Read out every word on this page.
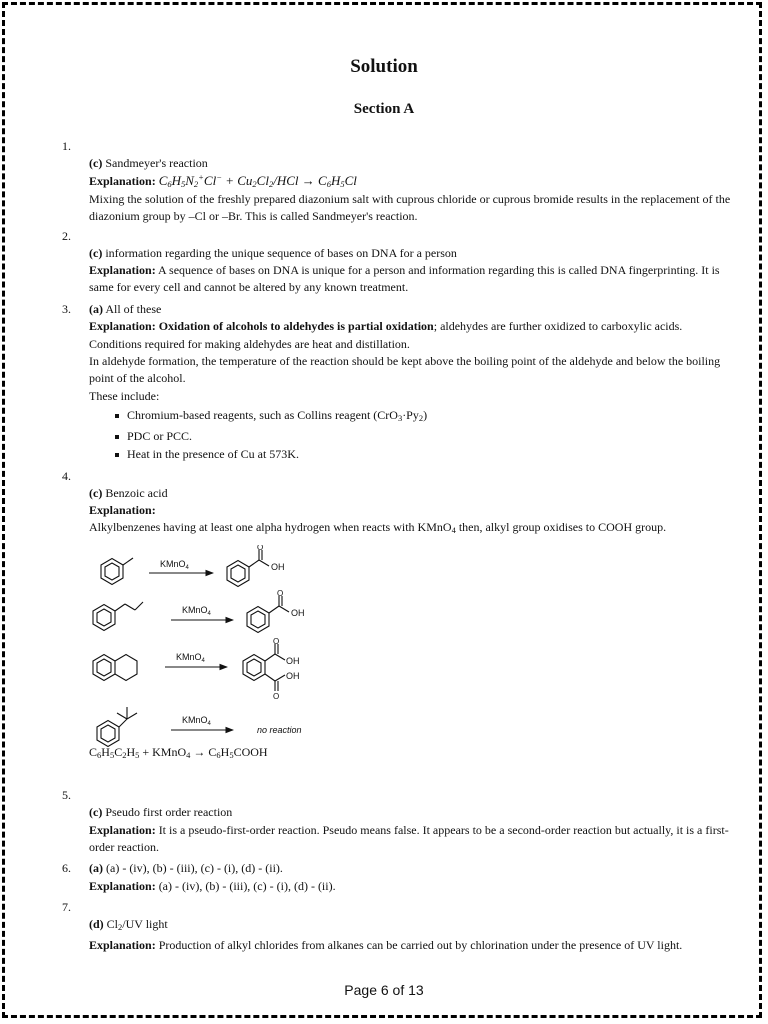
Solution
Section A
1.

(c) Sandmeyer's reaction

Explanation: $C_6H_5N_2^+Cl^- + Cu_2Cl_2/HCl \to C_6H_5Cl$

Mixing the solution of the freshly prepared diazonium salt with cuprous chloride or cuprous bromide results in the replacement of the diazonium group by –Cl or –Br. This is called Sandmeyer's reaction.

2.

(c) information regarding the unique sequence of bases on DNA for a person

Explanation: A sequence of bases on DNA is unique for a person and information regarding this is called DNA fingerprinting. It is same for every cell and cannot be altered by any known treatment.

3. (a) All of these

Explanation: Oxidation of alcohols to aldehydes is partial oxidation; aldehydes are further oxidized to carboxylic acids.

Conditions required for making aldehydes are heat and distillation.

In aldehyde formation, the temperature of the reaction should be kept above the boiling point of the aldehyde and below the boiling point of the alcohol.

These include:

Chromium-based reagents, such as Collins reagent $(CrO_3\cdot Py_2)$
PDC or PCC.
Heat in the presence of Cu at 573K.
4.

(c) Benzoic acid

Explanation:

Alkylbenzenes having at least one alpha hydrogen when reacts with KMnO$_4$ then, alkyl group oxidises to COOH group.

KMnO$_4$
O
OH
KMnO$_4$
O
OH
KMnO$_4$
O
OH
OH
O
KMnO$_4$
no reaction

$C_6H_5C_2H_5$ + KMnO$_4$ → $C_6H_5COOH$

5.

(c) Pseudo first order reaction

Explanation: It is a pseudo-first-order reaction. Pseudo means false. It appears to be a second-order reaction but actually, it is a first-order reaction.

6. (a) (a) - (iv), (b) - (iii), (c) - (i), (d) - (ii).

Explanation: (a) - (iv), (b) - (iii), (c) - (i), (d) - (ii).

7.

(d) $Cl_2/UV$ light

Explanation: Production of alkyl chlorides from alkanes can be carried out by chlorination under the presence of UV light.

Page 6 of 13
